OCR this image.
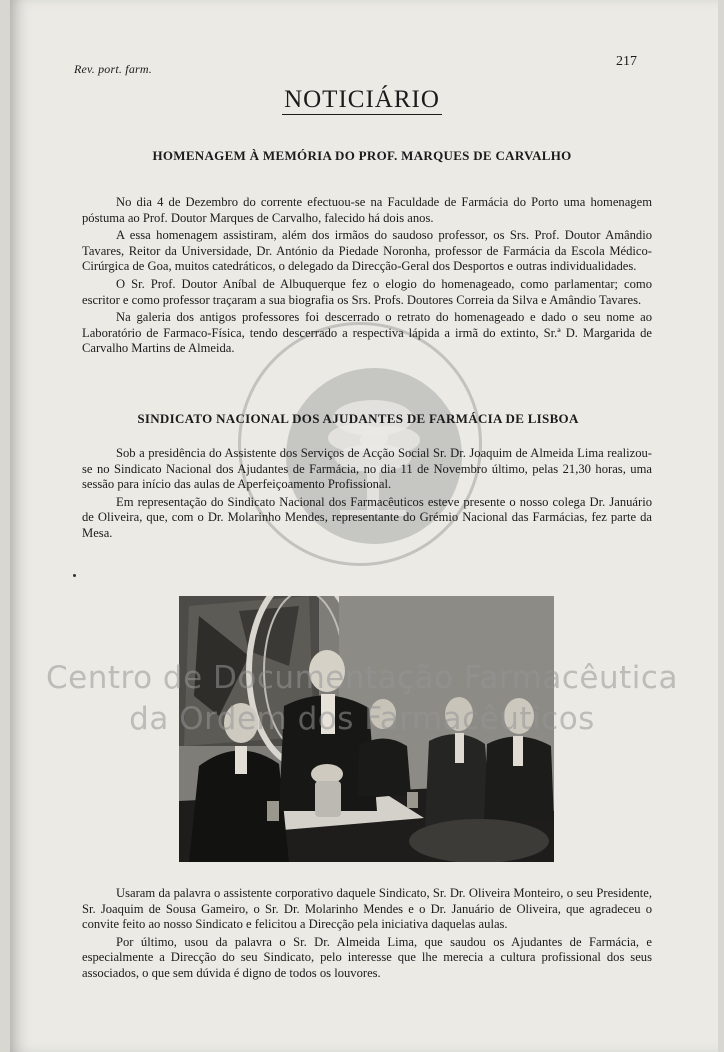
Rev. port. farm.	217
NOTICIÁRIO
HOMENAGEM À MEMÓRIA DO PROF. MARQUES DE CARVALHO

No dia 4 de Dezembro do corrente efectuou-se na Faculdade de Farmácia do Porto uma homenagem póstuma ao Prof. Doutor Marques de Carvalho, falecido há dois anos.

A essa homenagem assistiram, além dos irmãos do saudoso professor, os Srs. Prof. Doutor Amândio Tavares, Reitor da Universidade, Dr. António da Piedade Noronha, professor de Farmácia da Escola Médico-Cirúrgica de Goa, muitos catedráticos, o delegado da Direcção-Geral dos Desportos e outras individualidades.

O Sr. Prof. Doutor Aníbal de Albuquerque fez o elogio do homenageado, como parlamentar; como escritor e como professor traçaram a sua biografia os Srs. Profs. Doutores Correia da Silva e Amândio Tavares.

Na galeria dos antigos professores foi descerrado o retrato do homenageado e dado o seu nome ao Laboratório de Farmaco-Física, tendo descerrado a respectiva lápida a irmã do extinto, Sr.ª D. Margarida de Carvalho Martins de Almeida.

SINDICATO NACIONAL DOS AJUDANTES DE FARMÁCIA DE LISBOA

Sob a presidência do Assistente dos Serviços de Acção Social Sr. Dr. Joaquim de Almeida Lima realizou-se no Sindicato Nacional dos Ajudantes de Farmácia, no dia 11 de Novembro último, pelas 21,30 horas, uma sessão para início das aulas de Aperfeiçoamento Profissional.

Em representação do Sindicato Nacional dos Farmacêuticos esteve presente o nosso colega Dr. Januário de Oliveira, que, com o Dr. Molarinho Mendes, representante do Grémio Nacional das Farmácias, fez parte da Mesa.

Centro de Documentação Farmacêutica
da Ordem dos Farmacêuticos

Usaram da palavra o assistente corporativo daquele Sindicato, Sr. Dr. Oliveira Monteiro, o seu Presidente, Sr. Joaquim de Sousa Gameiro, o Sr. Dr. Molarinho Mendes e o Dr. Januário de Oliveira, que agradeceu o convite feito ao nosso Sindicato e felicitou a Direcção pela iniciativa daquelas aulas.

Por último, usou da palavra o Sr. Dr. Almeida Lima, que saudou os Ajudantes de Farmácia, e especialmente a Direcção do seu Sindicato, pelo interesse que lhe merecia a cultura profissional dos seus associados, o que sem dúvida é digno de todos os louvores.
